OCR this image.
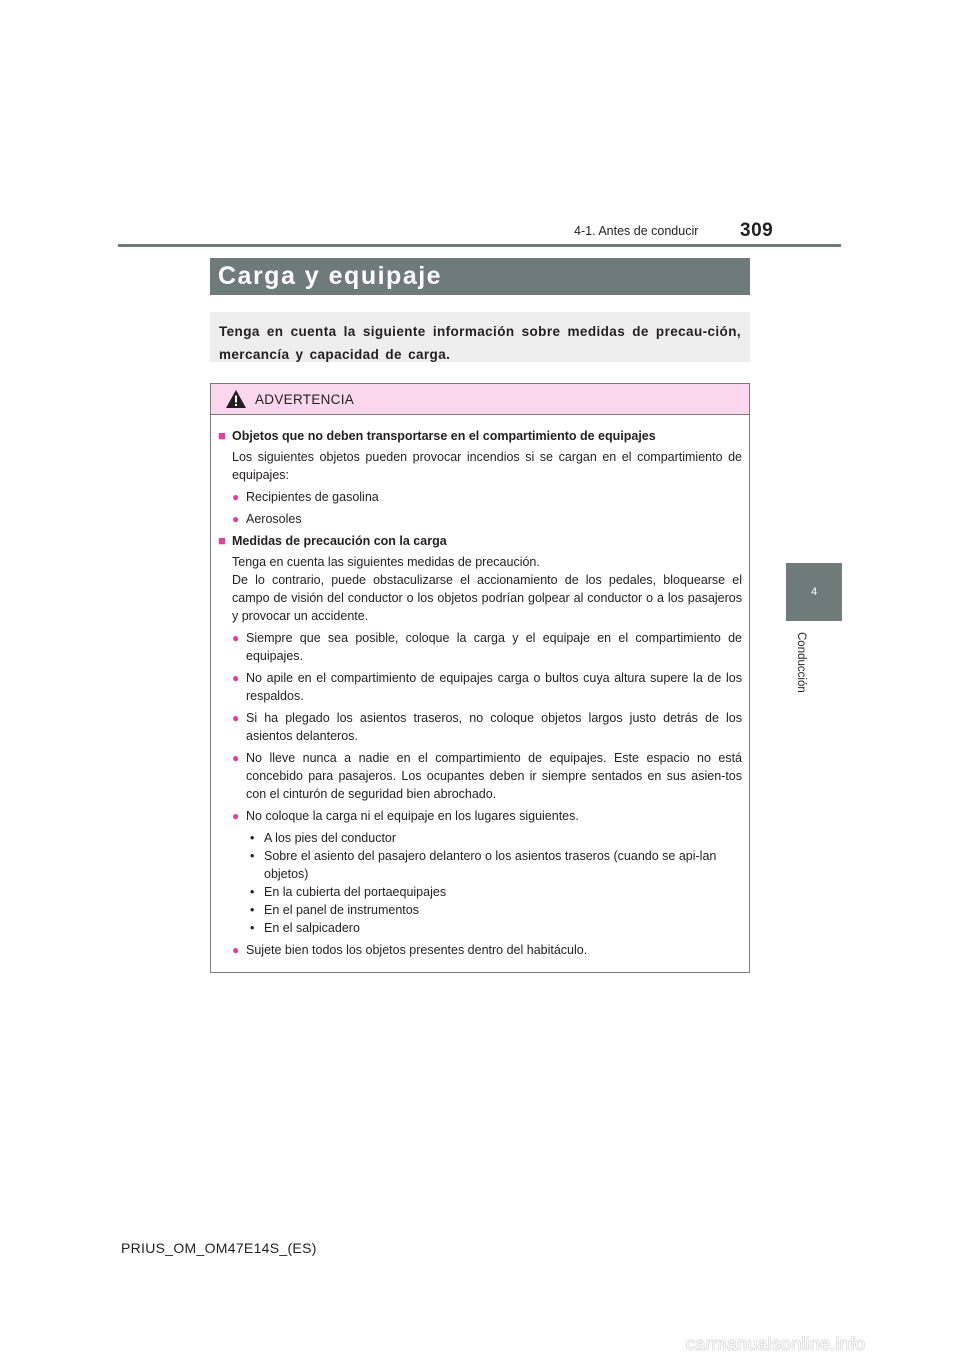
309
4-1. Antes de conducir
4
Conducción
Carga y equipaje
Tenga en cuenta la siguiente información sobre medidas de precau-ción, mercancía y capacidad de carga.
ADVERTENCIA
■ Objetos que no deben transportarse en el compartimiento de equipajes
Los siguientes objetos pueden provocar incendios si se cargan en el compartimiento de equipajes:
● Recipientes de gasolina
● Aerosoles
■ Medidas de precaución con la carga
Tenga en cuenta las siguientes medidas de precaución.
De lo contrario, puede obstaculizarse el accionamiento de los pedales, bloquearse el campo de visión del conductor o los objetos podrían golpear al conductor o a los pasajeros y provocar un accidente.
● Siempre que sea posible, coloque la carga y el equipaje en el compartimiento de equipajes.
● No apile en el compartimiento de equipajes carga o bultos cuya altura supere la de los respaldos.
● Si ha plegado los asientos traseros, no coloque objetos largos justo detrás de los asientos delanteros.
● No lleve nunca a nadie en el compartimiento de equipajes. Este espacio no está concebido para pasajeros. Los ocupantes deben ir siempre sentados en sus asien-tos con el cinturón de seguridad bien abrochado.
● No coloque la carga ni el equipaje en los lugares siguientes.
• A los pies del conductor
• Sobre el asiento del pasajero delantero o los asientos traseros (cuando se api-lan objetos)
• En la cubierta del portaequipajes
• En el panel de instrumentos
• En el salpicadero
● Sujete bien todos los objetos presentes dentro del habitáculo.
PRIUS_OM_OM47E14S_(ES)
carmanualsonline.info
